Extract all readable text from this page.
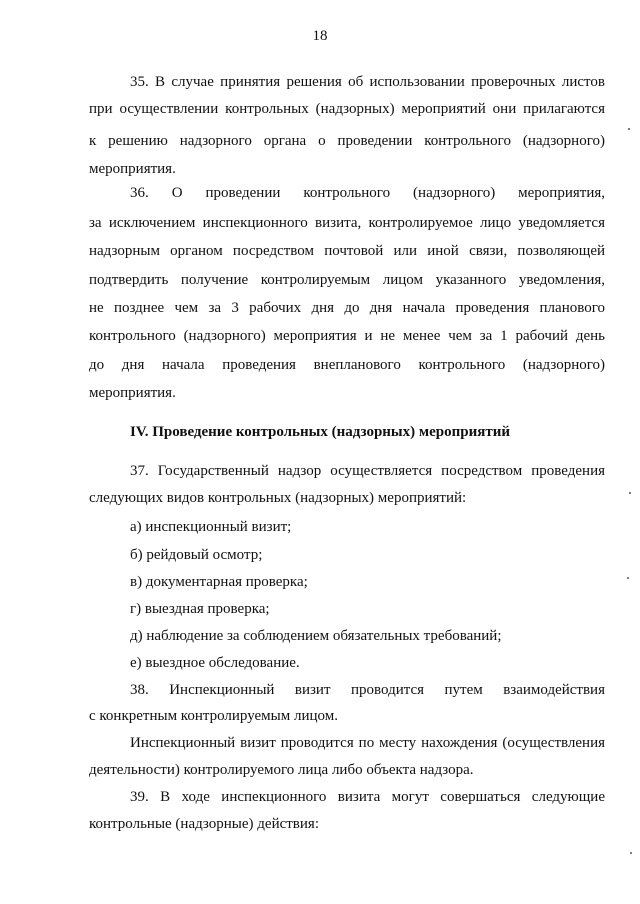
18
35. В случае принятия решения об использовании проверочных листов
при осуществлении контрольных (надзорных) мероприятий они прилагаются
к решению надзорного органа о проведении контрольного (надзорного)
мероприятия.
36. О проведении контрольного (надзорного) мероприятия,
за исключением инспекционного визита, контролируемое лицо уведомляется
надзорным органом посредством почтовой или иной связи, позволяющей
подтвердить получение контролируемым лицом указанного уведомления,
не позднее чем за 3 рабочих дня до дня начала проведения планового
контрольного (надзорного) мероприятия и не менее чем за 1 рабочий день
до дня начала проведения внепланового контрольного (надзорного)
мероприятия.
IV. Проведение контрольных (надзорных) мероприятий
37. Государственный надзор осуществляется посредством проведения
следующих видов контрольных (надзорных) мероприятий:
а) инспекционный визит;
б) рейдовый осмотр;
в) документарная проверка;
г) выездная проверка;
д) наблюдение за соблюдением обязательных требований;
е) выездное обследование.
38. Инспекционный визит проводится путем взаимодействия
с конкретным контролируемым лицом.
Инспекционный визит проводится по месту нахождения (осуществления
деятельности) контролируемого лица либо объекта надзора.
39. В ходе инспекционного визита могут совершаться следующие
контрольные (надзорные) действия:
